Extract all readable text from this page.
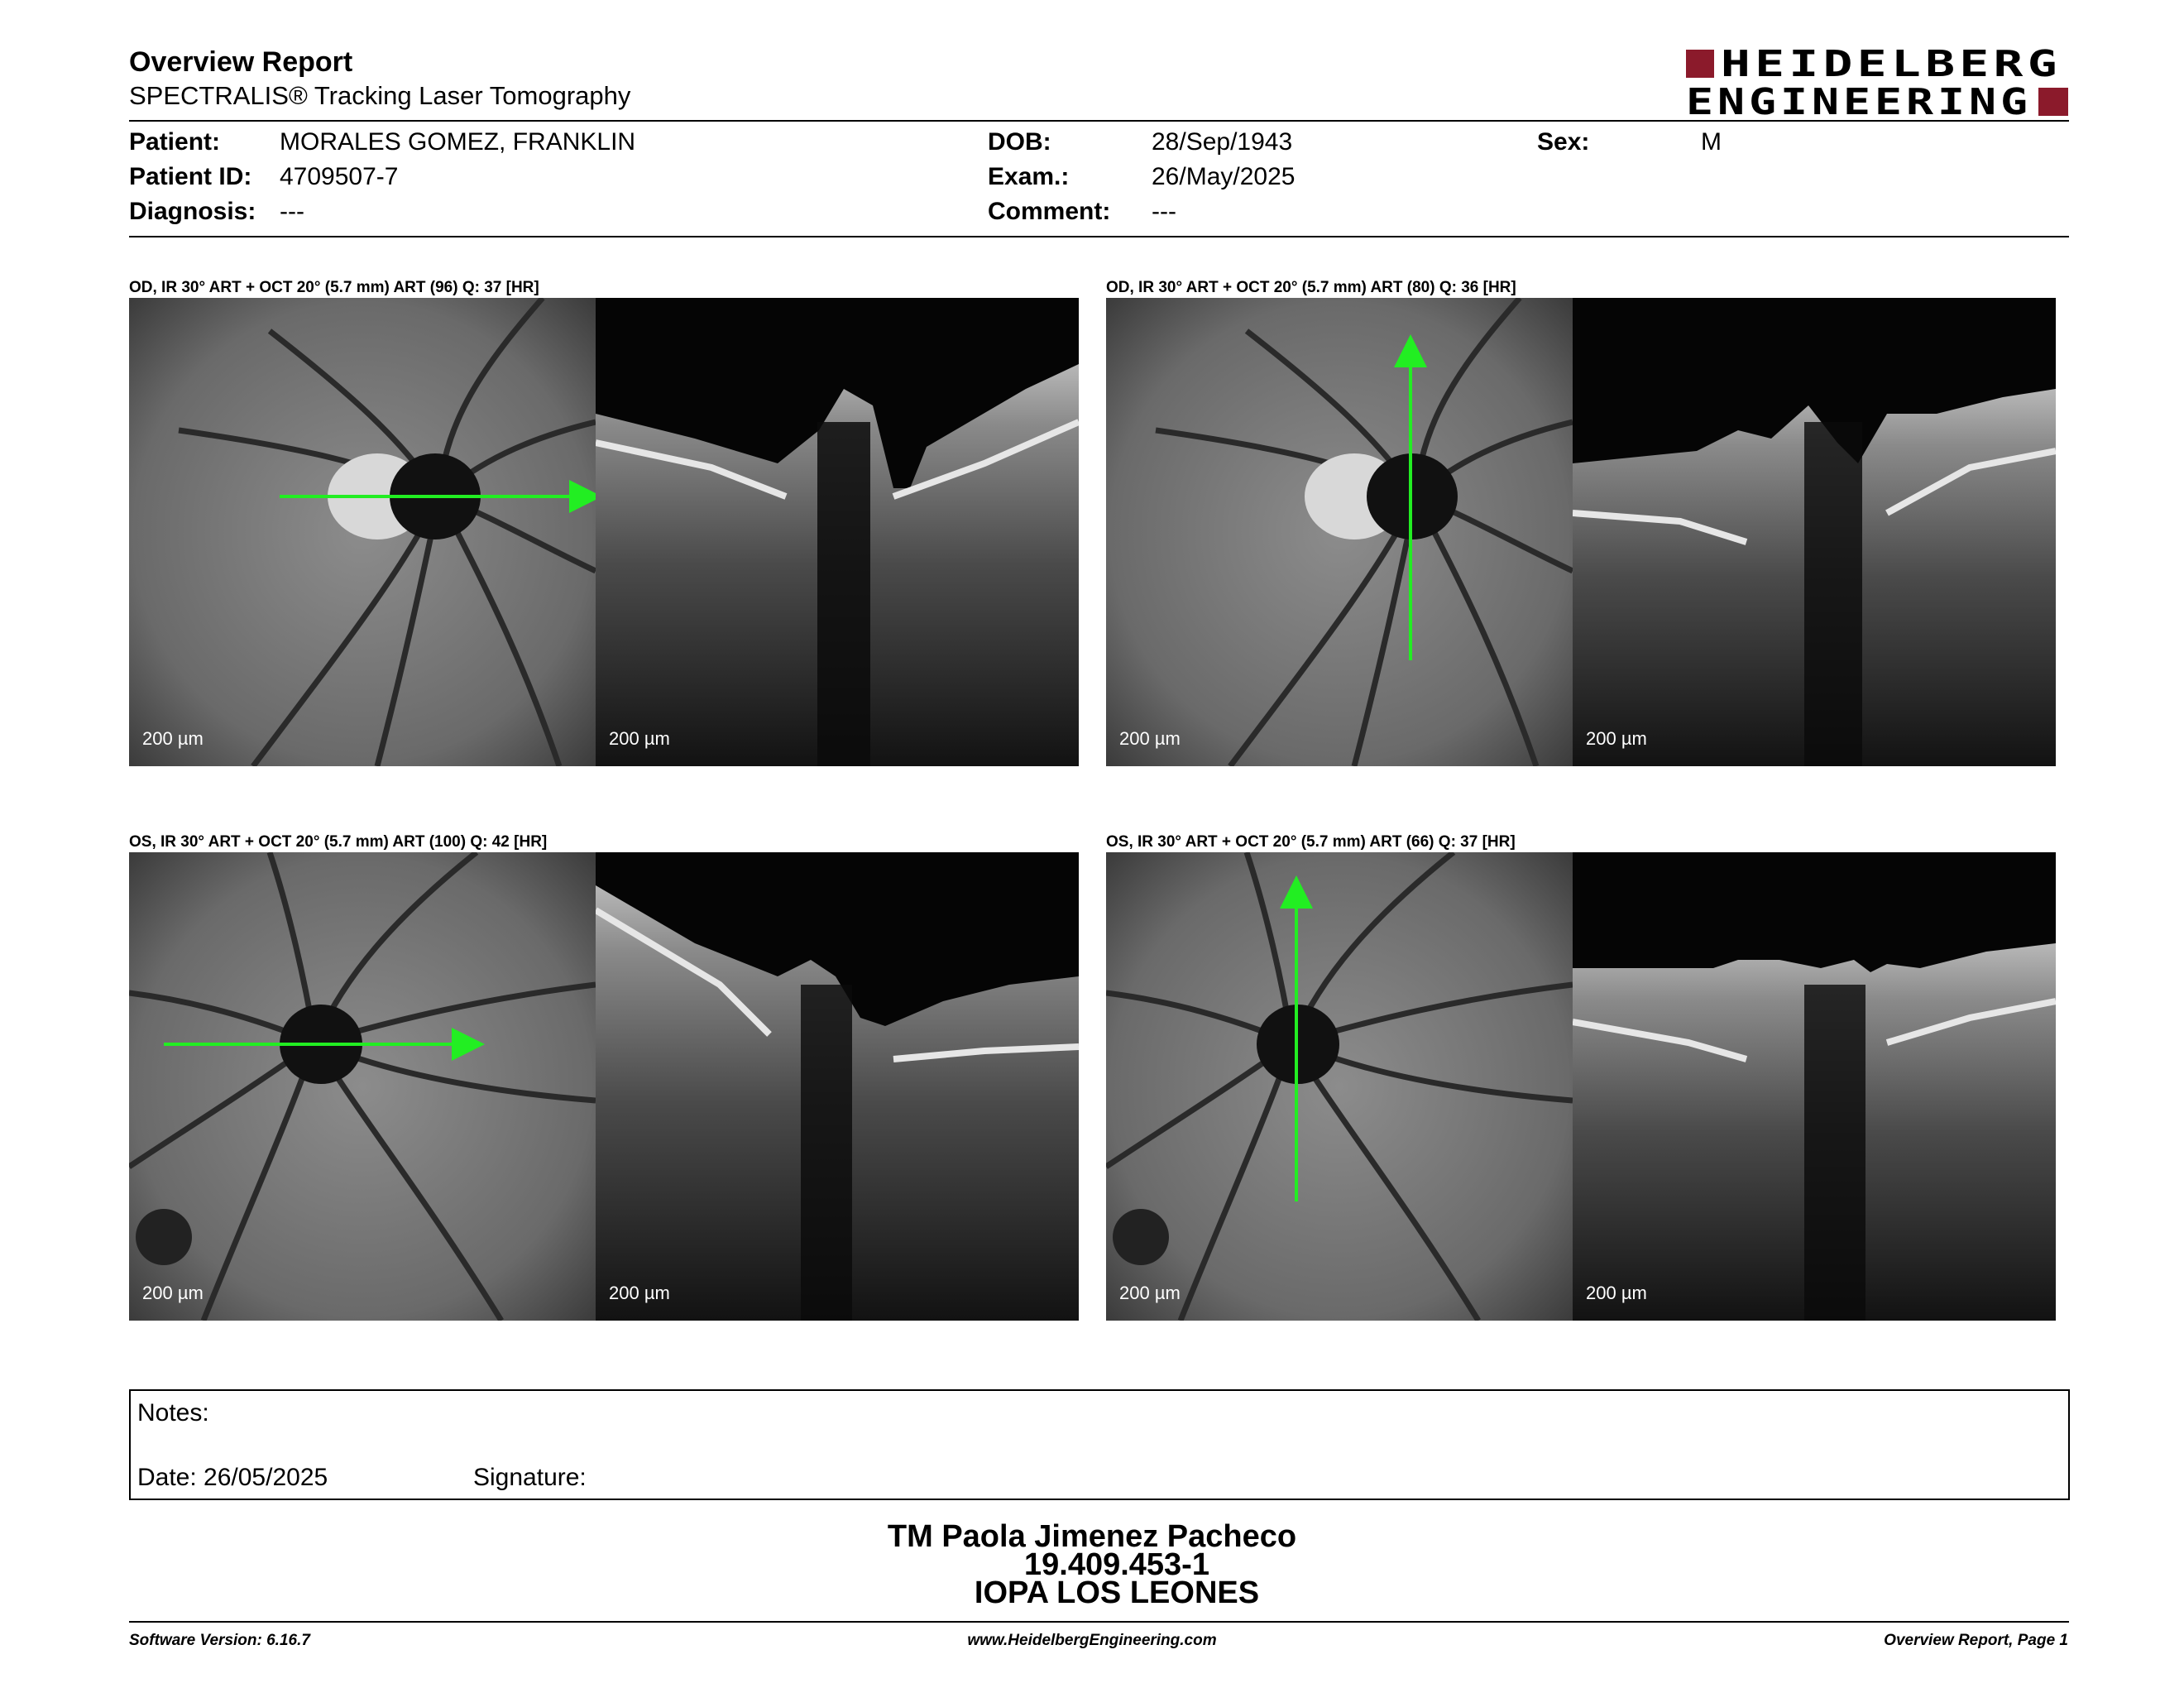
Overview Report
SPECTRALIS® Tracking Laser Tomography
HEIDELBERG
ENGINEERING
Patient: MORALES GOMEZ, FRANKLIN
Patient ID: 4709507-7
Diagnosis: ---
DOB:	28/Sep/1943
Exam.:	26/May/2025
Comment: ---
Sex:	M
OD, IR 30° ART + OCT 20° (5.7 mm) ART (96) Q: 37 [HR]
200 µm	200 µm
OD, IR 30° ART + OCT 20° (5.7 mm) ART (80) Q: 36 [HR]
200 µm	200 µm
OS, IR 30° ART + OCT 20° (5.7 mm) ART (100) Q: 42 [HR]
200 µm	200 µm
OS, IR 30° ART + OCT 20° (5.7 mm) ART (66) Q: 37 [HR]
200 µm	200 µm
Notes:
Date: 26/05/2025	Signature:
TM Paola Jimenez Pacheco
19.409.453-1
IOPA LOS LEONES
Software Version: 6.16.7	www.HeidelbergEngineering.com	Overview Report, Page 1
